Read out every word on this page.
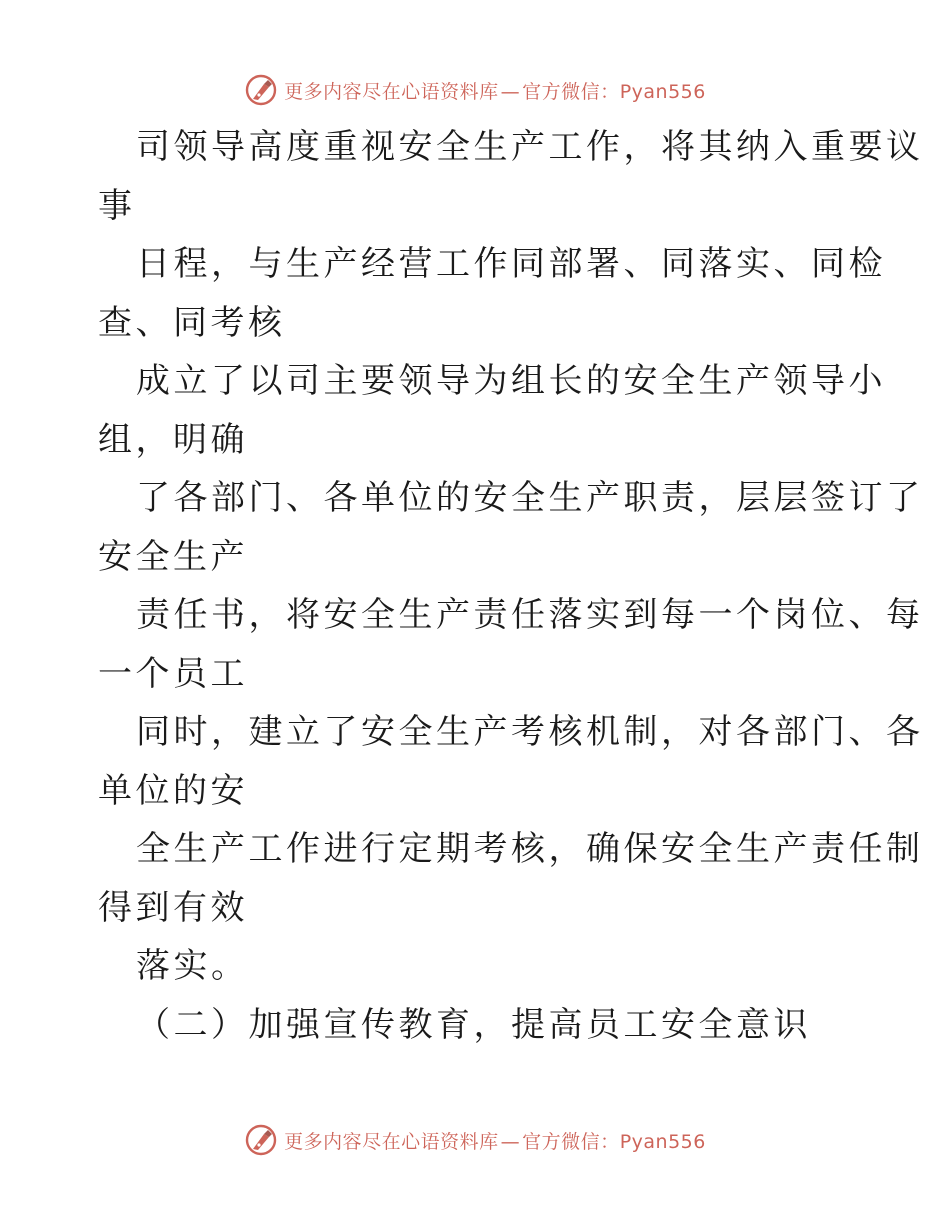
更多内容尽在心语资料库 — 官方微信：Pyan556
司领导高度重视安全生产工作，将其纳入重要议
事
日程，与生产经营工作同部署、同落实、同检
查、同考核
成立了以司主要领导为组长的安全生产领导小
组，明确
了各部门、各单位的安全生产职责，层层签订了
安全生产
责任书，将安全生产责任落实到每一个岗位、每
一个员工
同时，建立了安全生产考核机制，对各部门、各
单位的安
全生产工作进行定期考核，确保安全生产责任制
得到有效
落实。
（二）加强宣传教育，提高员工安全意识
更多内容尽在心语资料库 — 官方微信：Pyan556
